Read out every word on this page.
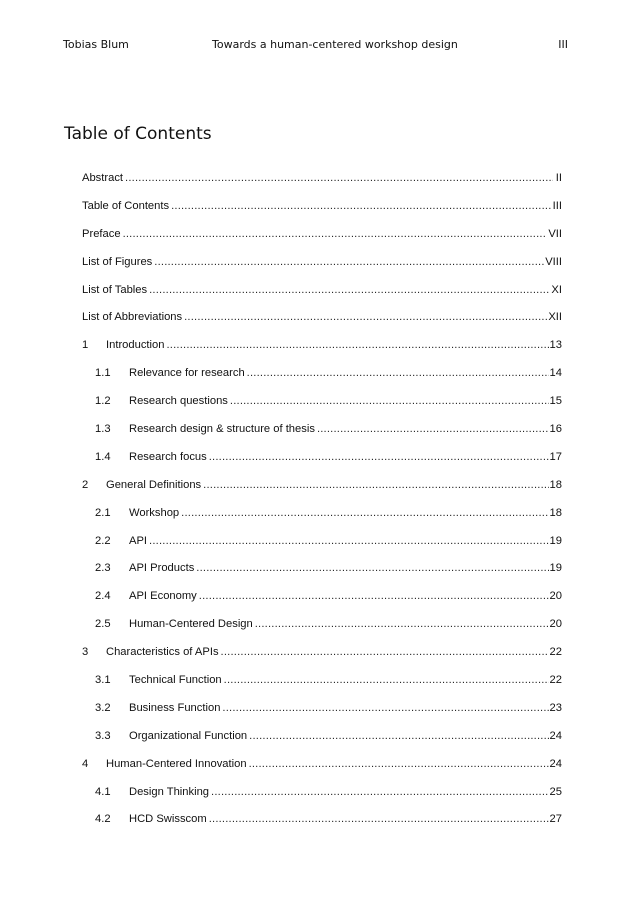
Tobias Blum	Towards a human-centered workshop design	III
Table of Contents
Abstract .....	II
Table of Contents .....	III
Preface .....	VII
List of Figures .....	VIII
List of Tables .....	XI
List of Abbreviations .....	XII
1	Introduction .....	13
1.1	Relevance for research .....	14
1.2	Research questions .....	15
1.3	Research design & structure of thesis .....	16
1.4	Research focus .....	17
2	General Definitions .....	18
2.1	Workshop .....	18
2.2	API .....	19
2.3	API Products .....	19
2.4	API Economy .....	20
2.5	Human-Centered Design .....	20
3	Characteristics of APIs .....	22
3.1	Technical Function .....	22
3.2	Business Function .....	23
3.3	Organizational Function .....	24
4	Human-Centered Innovation .....	24
4.1	Design Thinking .....	25
4.2	HCD Swisscom .....	27
